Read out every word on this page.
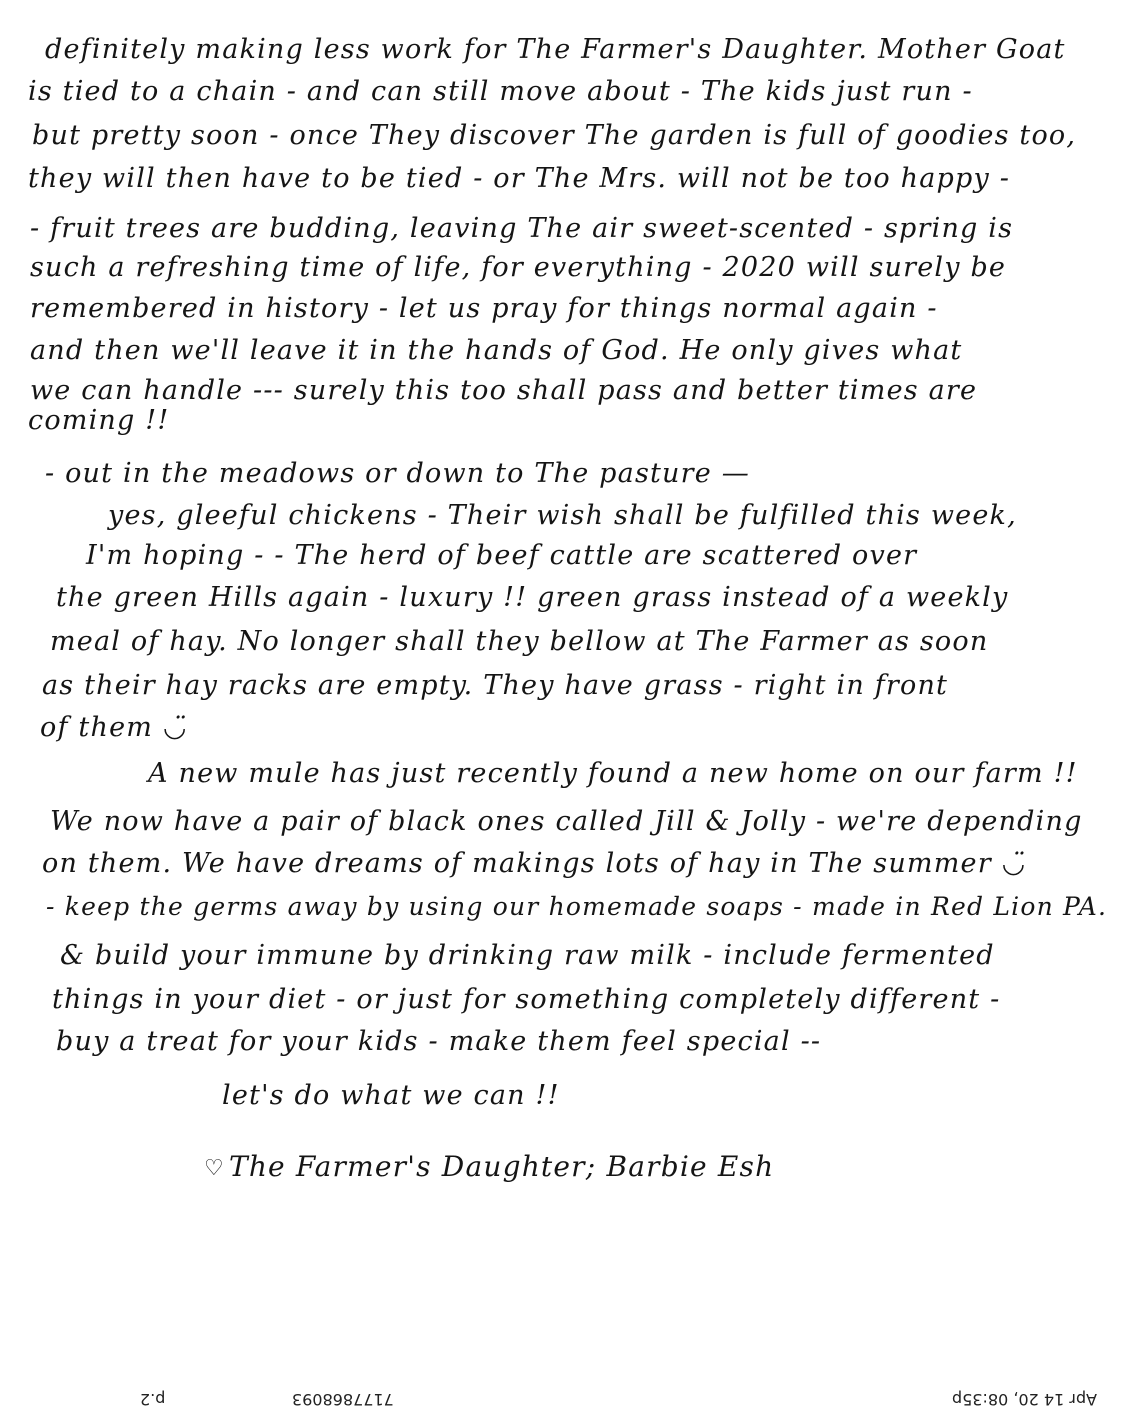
definitely making less work for The Farmer's Daughter. Mother Goat
is tied to a chain - and can still move about - The kids just run -
but pretty soon - once They discover The garden is full of goodies too,
they will then have to be tied - or The Mrs. will not be too happy -
- fruit trees are budding, leaving The air sweet-scented - spring is
such a refreshing time of life, for everything - 2020 will surely be
remembered in history - let us pray for things normal again -
and then we'll leave it in the hands of God. He only gives what
we can handle --- surely this too shall pass and better times are
coming !!
- out in the meadows or down to The pasture —
yes, gleeful chickens - Their wish shall be fulfilled this week,
I'm hoping - - The herd of beef cattle are scattered over
the green Hills again - luxury !! green grass instead of a weekly
meal of hay. No longer shall they bellow at The Farmer as soon
as their hay racks are empty. They have grass - right in front
of them ◡̈
A new mule has just recently found a new home on our farm !!
We now have a pair of black ones called Jill & Jolly - we're depending
on them. We have dreams of makings lots of hay in The summer ◡̈
- keep the germs away by using our homemade soaps - made in Red Lion PA.
& build your immune by drinking raw milk - include fermented
things in your diet - or just for something completely different -
buy a treat for your kids - make them feel special --
let's do what we can !!
♡ The Farmer's Daughter; Barbie Esh
p.2	7177868093	Apr 14 20, 08:35p
